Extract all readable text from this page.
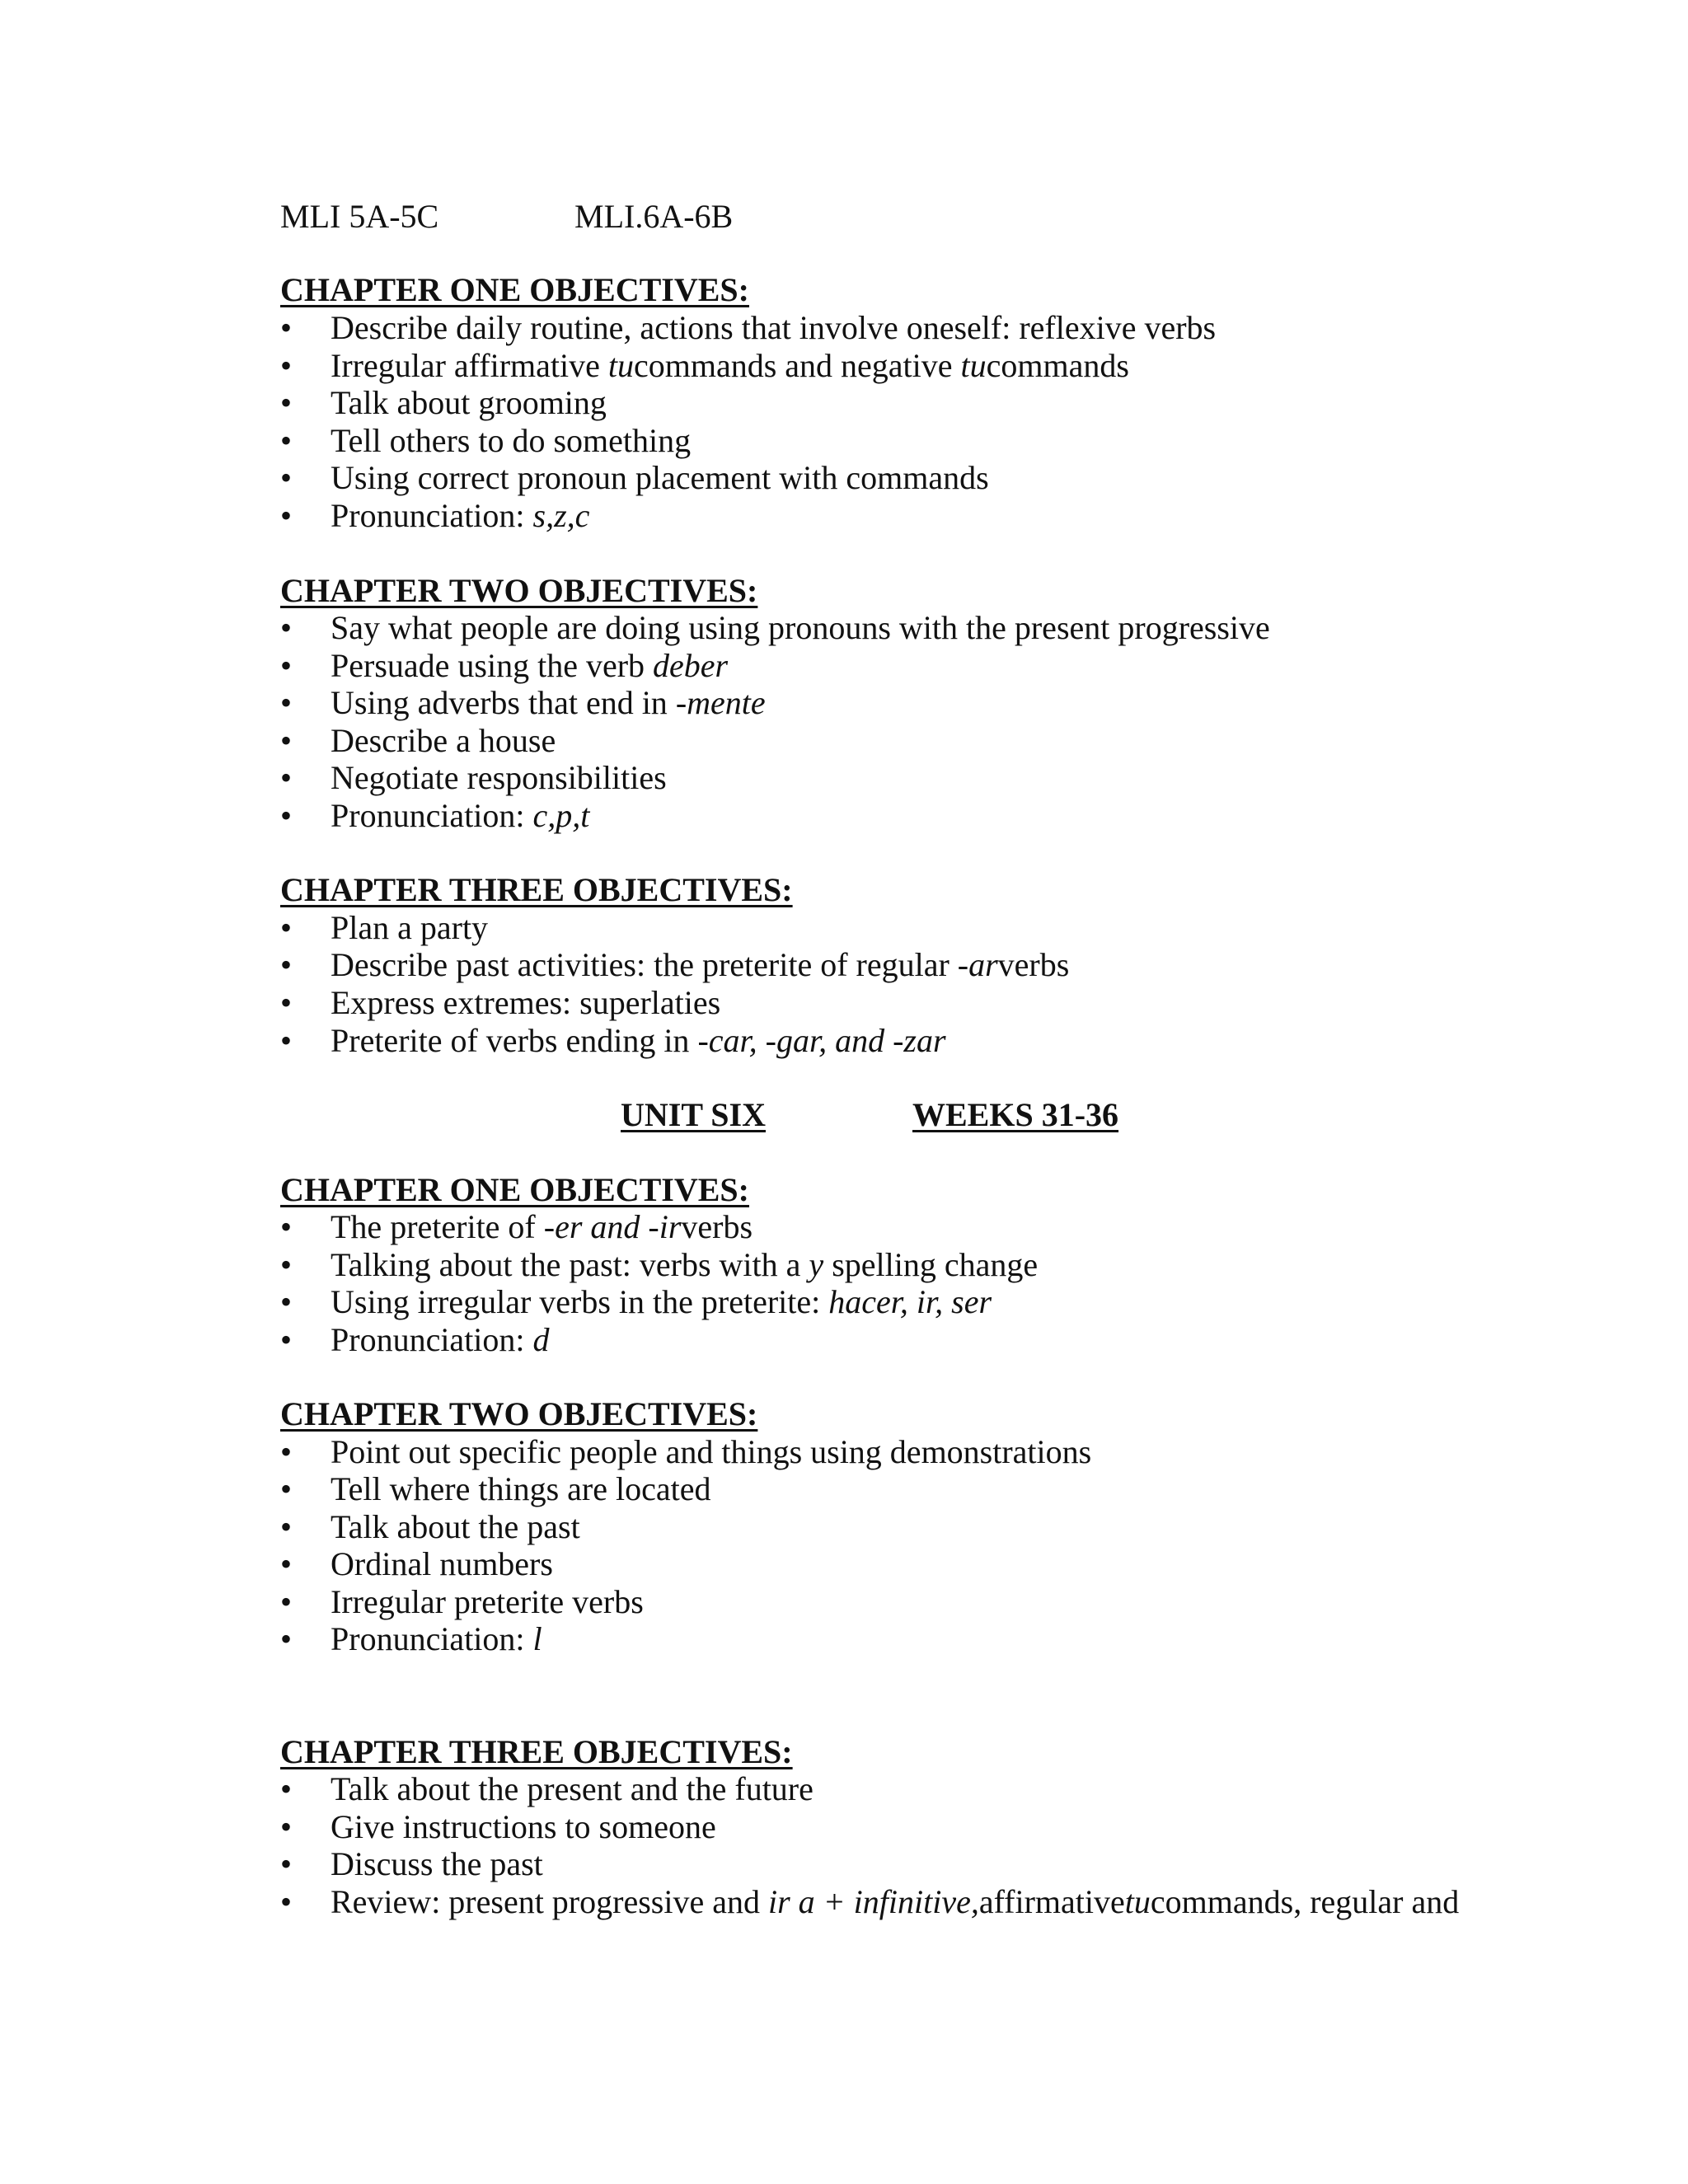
MLI 5A-5C	MLI.6A-6B
CHAPTER ONE OBJECTIVES:
• Describe daily routine, actions that involve oneself: reflexive verbs
• Irregular affirmative tucommands and negative tucommands
• Talk about grooming
• Tell others to do something
• Using correct pronoun placement with commands
• Pronunciation: s,z,c
CHAPTER TWO OBJECTIVES:
• Say what people are doing using pronouns with the present progressive
• Persuade using the verb deber
• Using adverbs that end in -mente
• Describe a house
• Negotiate responsibilities
• Pronunciation: c,p,t
CHAPTER THREE OBJECTIVES:
• Plan a party
• Describe past activities: the preterite of regular -arverbs
• Express extremes: superlaties
• Preterite of verbs ending in -car, -gar, and -zar
UNIT SIX	WEEKS 31-36
CHAPTER ONE OBJECTIVES:
• The preterite of -er and -irverbs
• Talking about the past: verbs with a y spelling change
• Using irregular verbs in the preterite: hacer, ir, ser
• Pronunciation: d
CHAPTER TWO OBJECTIVES:
• Point out specific people and things using demonstrations
• Tell where things are located
• Talk about the past
• Ordinal numbers
• Irregular preterite verbs
• Pronunciation: l
CHAPTER THREE OBJECTIVES:
• Talk about the present and the future
• Give instructions to someone
• Discuss the past
• Review: present progressive and ir a + infinitive,affirmativetucommands, regular and
